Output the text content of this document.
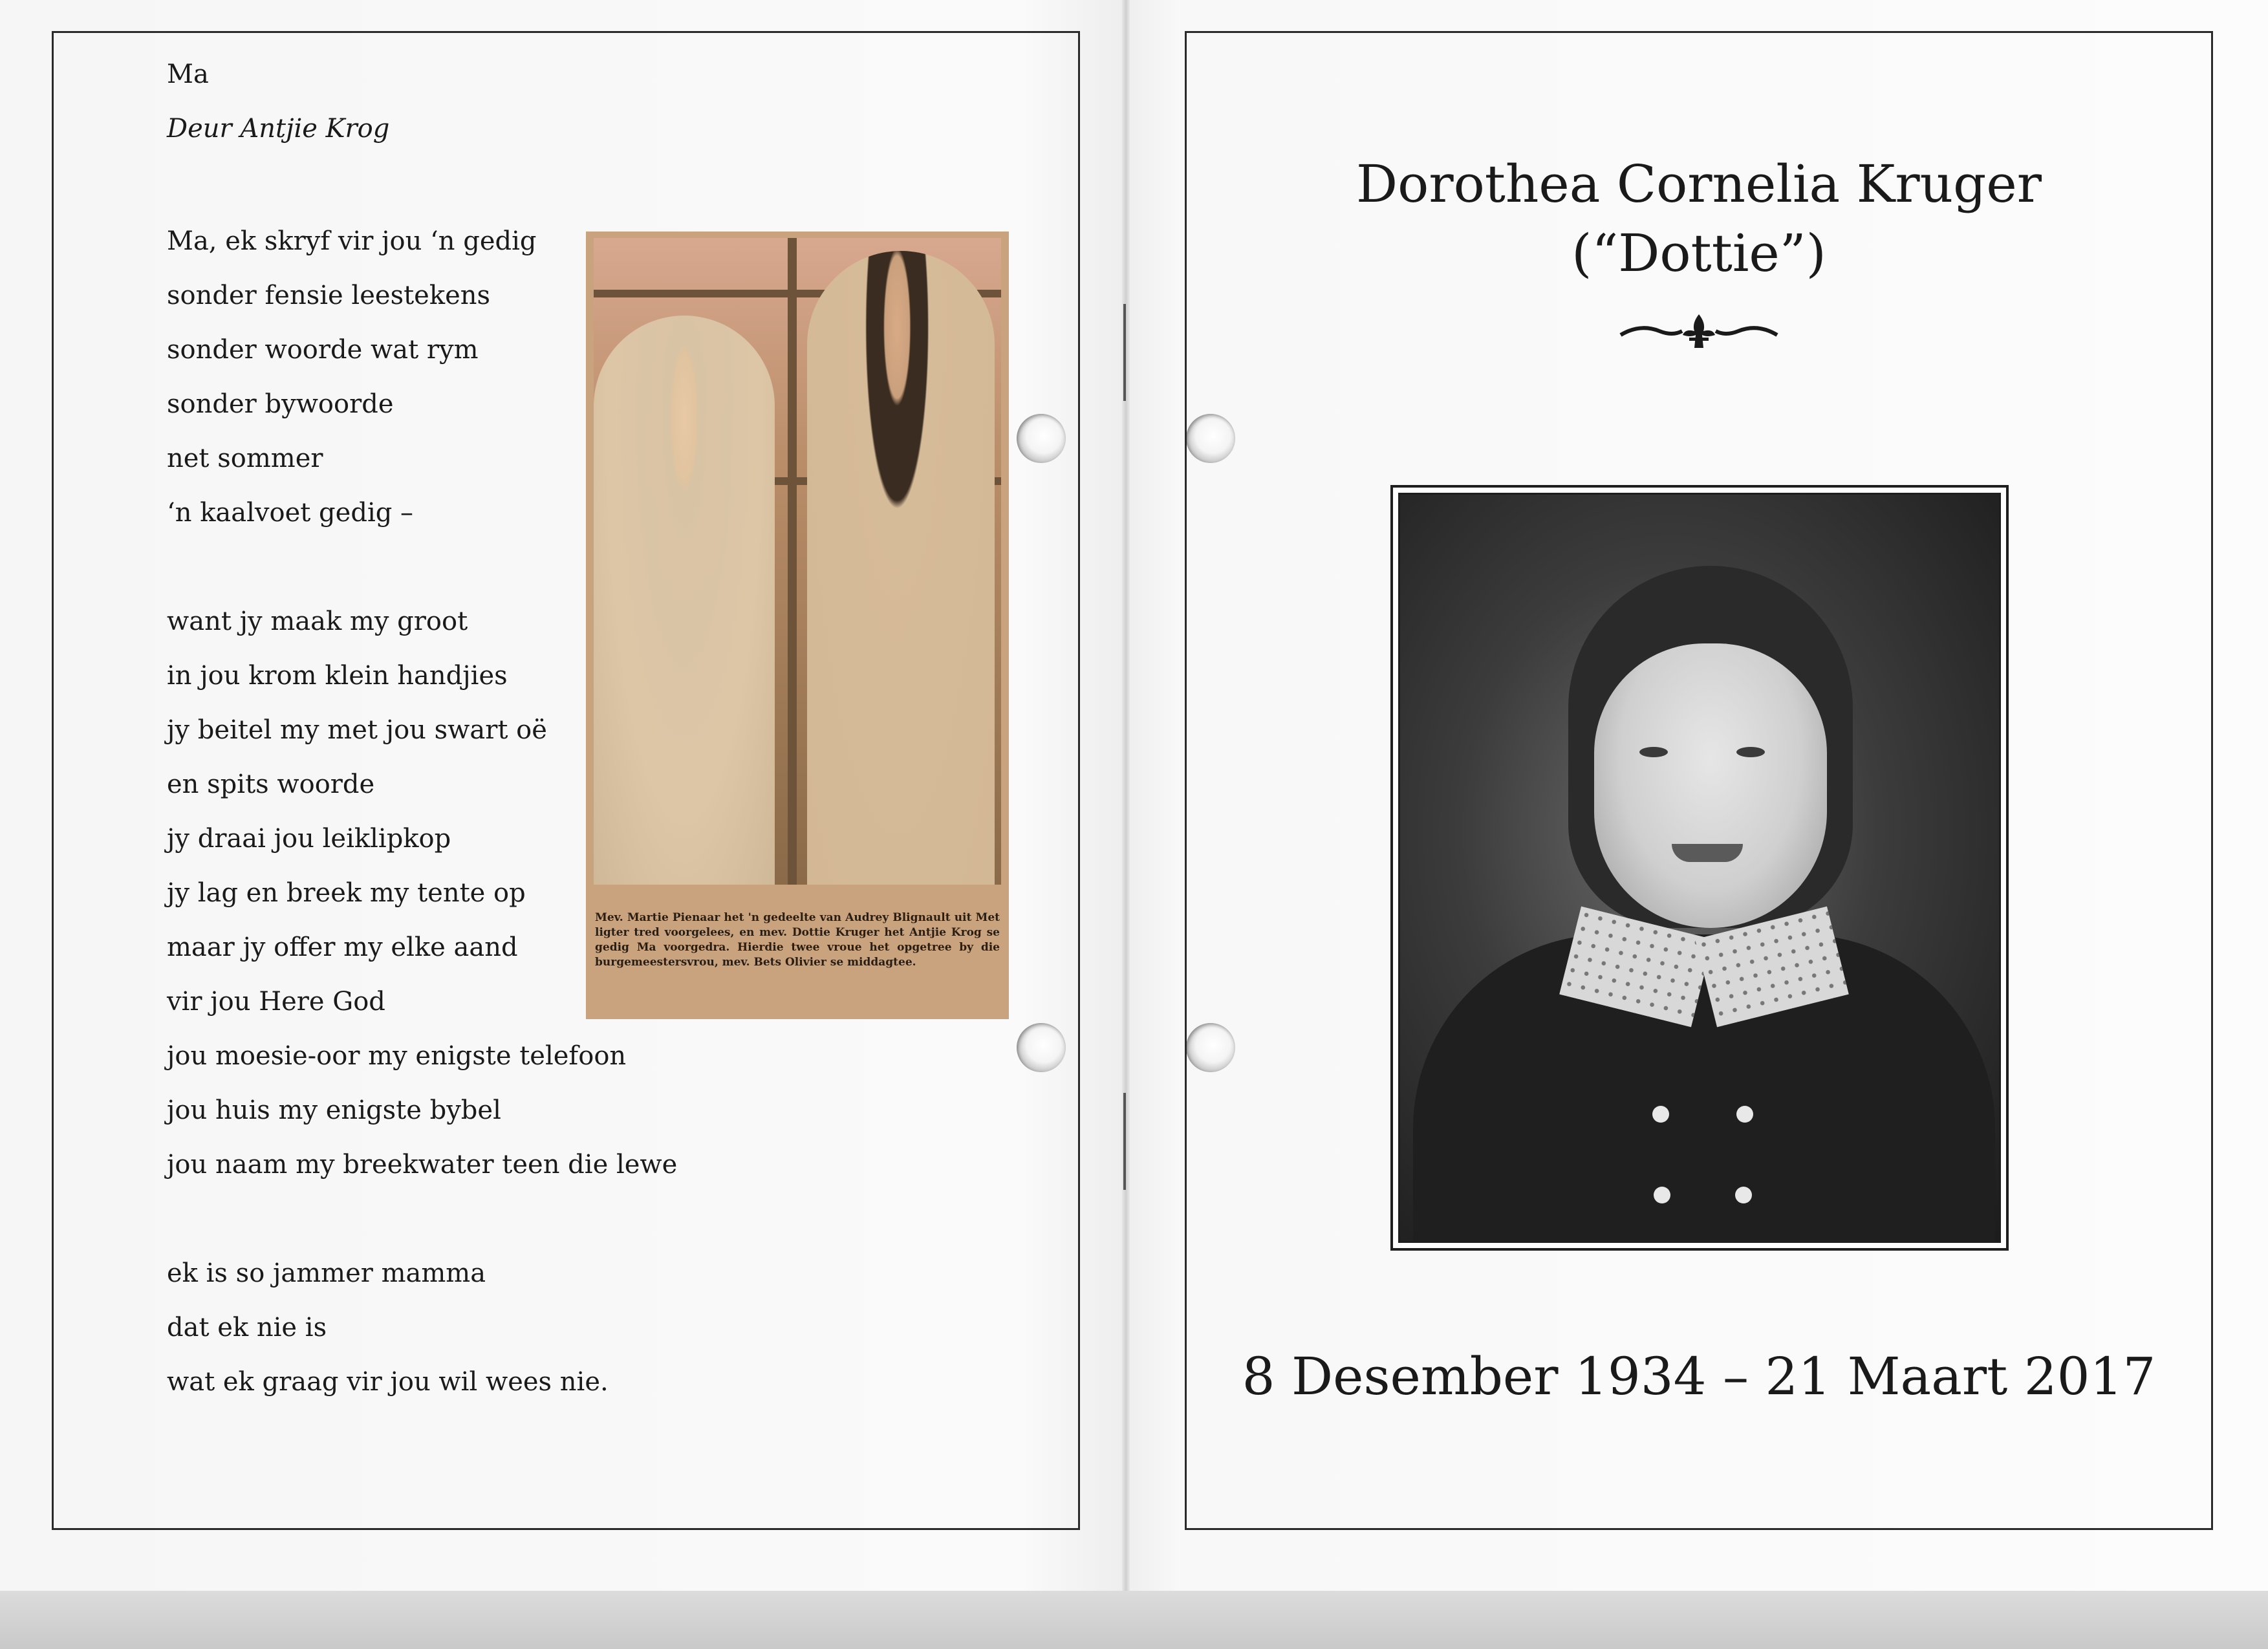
Ma
Deur Antjie Krog
Ma, ek skryf vir jou ‘n gedig
sonder fensie leestekens
sonder woorde wat rym
sonder bywoorde
net sommer
‘n kaalvoet gedig –
want jy maak my groot
in jou krom klein handjies
jy beitel my met jou swart oë
en spits woorde
jy draai jou leiklipkop
jy lag en breek my tente op
maar jy offer my elke aand
vir jou Here God
jou moesie-oor my enigste telefoon
jou huis my enigste bybel
jou naam my breekwater teen die lewe
ek is so jammer mamma
dat ek nie is
wat ek graag vir jou wil wees nie.
Mev. Martie Pienaar het 'n gedeelte van Audrey Blignault uit Met ligter tred voorgelees, en mev. Dottie Kruger het Antjie Krog se gedig Ma voorgedra. Hierdie twee vroue het opgetree by die burgemeestersvrou, mev. Bets Olivier se middagtee.
Dorothea Cornelia Kruger
(“Dottie”)
8 Desember 1934 – 21 Maart 2017
